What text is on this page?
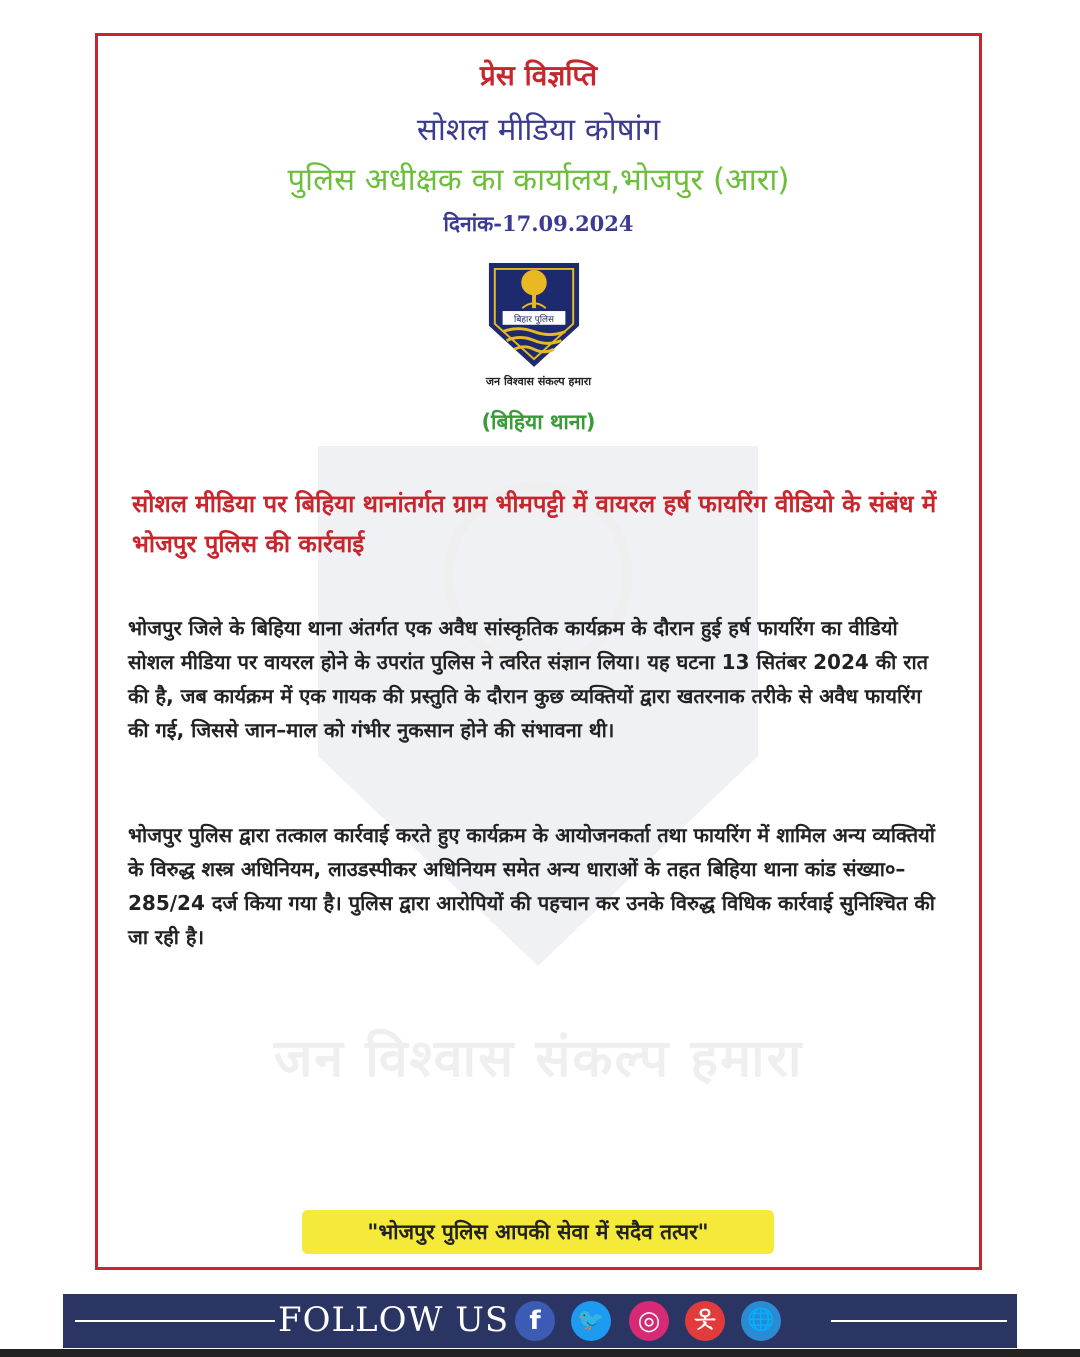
जन विश्वास संकल्प हमारा
प्रेस विज्ञप्ति
सोशल मीडिया कोषांग
पुलिस अधीक्षक का कार्यालय,भोजपुर (आरा)
दिनांक-17.09.2024
बिहार पुलिस
जन विश्वास संकल्प हमारा
(बिहिया थाना)
सोशल मीडिया पर बिहिया थानांतर्गत ग्राम भीमपट्टी में वायरल हर्ष फायरिंग वीडियो के संबंध में भोजपुर पुलिस की कार्रवाई
भोजपुर जिले के बिहिया थाना अंतर्गत एक अवैध सांस्कृतिक कार्यक्रम के दौरान हुई हर्ष फायरिंग का वीडियो सोशल मीडिया पर वायरल होने के उपरांत पुलिस ने त्वरित संज्ञान लिया। यह घटना 13 सितंबर 2024 की रात की है, जब कार्यक्रम में एक गायक की प्रस्तुति के दौरान कुछ व्यक्तियों द्वारा खतरनाक तरीके से अवैध फायरिंग की गई, जिससे जान–माल को गंभीर नुकसान होने की संभावना थी।
भोजपुर पुलिस द्वारा तत्काल कार्रवाई करते हुए कार्यक्रम के आयोजनकर्ता तथा फायरिंग में शामिल अन्य व्यक्तियों के विरुद्ध शस्त्र अधिनियम, लाउडस्पीकर अधिनियम समेत अन्य धाराओं के तहत बिहिया थाना कांड संख्या०–285/24 दर्ज किया गया है। पुलिस द्वारा आरोपियों की पहचान कर उनके विरुद्ध विधिक कार्रवाई सुनिश्चित की जा रही है।
"भोजपुर पुलिस आपकी सेवा में सदैव तत्पर"
FOLLOW US f	🐦	◎	옷	🌐
